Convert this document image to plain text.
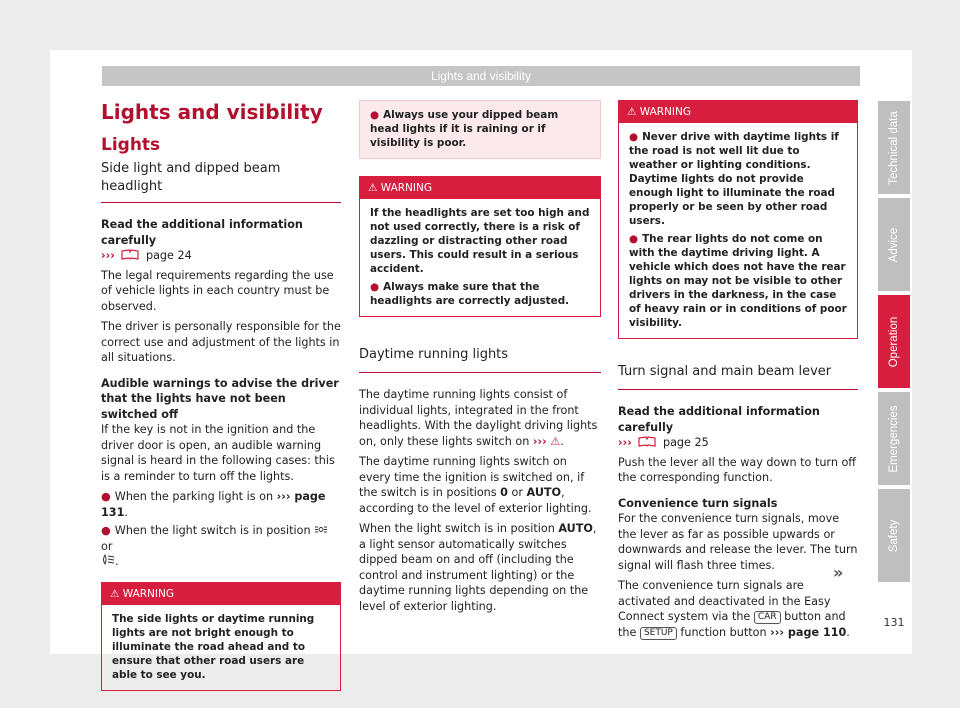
Lights and visibility
Lights and visibility
Lights
Side light and dipped beam headlight

Read the additional information carefully

›››	page 24

The legal requirements regarding the use of vehicle lights in each country must be observed.

The driver is personally responsible for the correct use and adjustment of the lights in all situations.

Audible warnings to advise the driver that the lights have not been switched off

If the key is not in the ignition and the driver door is open, an audible warning signal is heard in the following cases: this is a reminder to turn off the lights.

● When the parking light is on ››› page 131.

● When the light switch is in position  or
.

⚠ WARNING
The side lights or daytime running lights are not bright enough to illuminate the road ahead and to ensure that other road users are able to see you.
● Always use your dipped beam head lights if it is raining or if visibility is poor.
⚠ WARNING

If the headlights are set too high and not used correctly, there is a risk of dazzling or distracting other road users. This could result in a serious accident.

● Always make sure that the headlights are correctly adjusted.

Daytime running lights

The daytime running lights consist of individual lights, integrated in the front headlights. With the daylight driving lights on, only these lights switch on ››› ⚠.

The daytime running lights switch on every time the ignition is switched on, if the switch is in positions 0 or AUTO, according to the level of exterior lighting.

When the light switch is in position AUTO, a light sensor automatically switches dipped beam on and off (including the control and instrument lighting) or the daytime running lights depending on the level of exterior lighting.

⚠ WARNING

● Never drive with daytime lights if the road is not well lit due to weather or lighting conditions. Daytime lights do not provide enough light to illuminate the road properly or be seen by other road users.

● The rear lights do not come on with the daytime driving light. A vehicle which does not have the rear lights on may not be visible to other drivers in the darkness, in the case of heavy rain or in conditions of poor visibility.

Turn signal and main beam lever

Read the additional information carefully

›››	page 25

Push the lever all the way down to turn off the corresponding function.

Convenience turn signals

For the convenience turn signals, move the lever as far as possible upwards or downwards and release the lever. The turn signal will flash three times.

The convenience turn signals are activated and deactivated in the Easy Connect system via the CAR button and the SETUP function button ››› page 110.

»
Technical data
Advice
Operation
Emergencies
Safety
131
